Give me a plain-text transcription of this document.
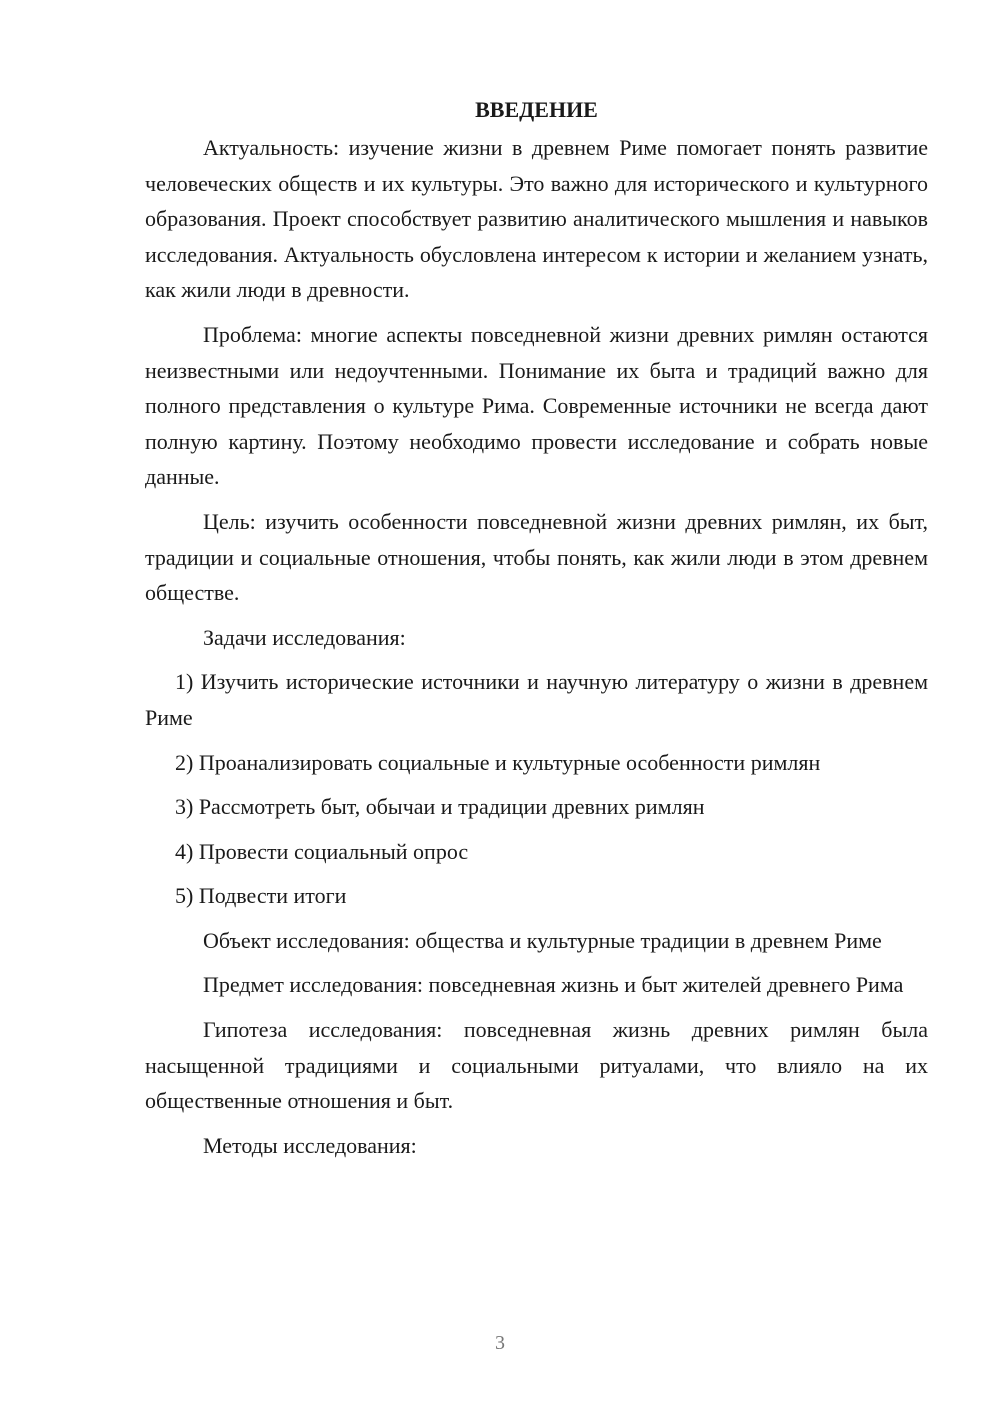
ВВЕДЕНИЕ

Актуальность: изучение жизни в древнем Риме помогает понять развитие человеческих обществ и их культуры. Это важно для исторического и культурного образования. Проект способствует развитию аналитического мышления и навыков исследования. Актуальность обусловлена интересом к истории и желанием узнать, как жили люди в древности.

Проблема: многие аспекты повседневной жизни древних римлян остаются неизвестными или недоучтенными. Понимание их быта и традиций важно для полного представления о культуре Рима. Современные источники не всегда дают полную картину. Поэтому необходимо провести исследование и собрать новые данные.

Цель: изучить особенности повседневной жизни древних римлян, их быт, традиции и социальные отношения, чтобы понять, как жили люди в этом древнем обществе.

Задачи исследования:

1) Изучить исторические источники и научную литературу о жизни в древнем Риме

2) Проанализировать социальные и культурные особенности римлян

3) Рассмотреть быт, обычаи и традиции древних римлян

4) Провести социальный опрос

5) Подвести итоги

Объект исследования: общества и культурные традиции в древнем Риме

Предмет исследования: повседневная жизнь и быт жителей древнего Рима

Гипотеза исследования: повседневная жизнь древних римлян была насыщенной традициями и социальными ритуалами, что влияло на их общественные отношения и быт.

Методы исследования:

3
